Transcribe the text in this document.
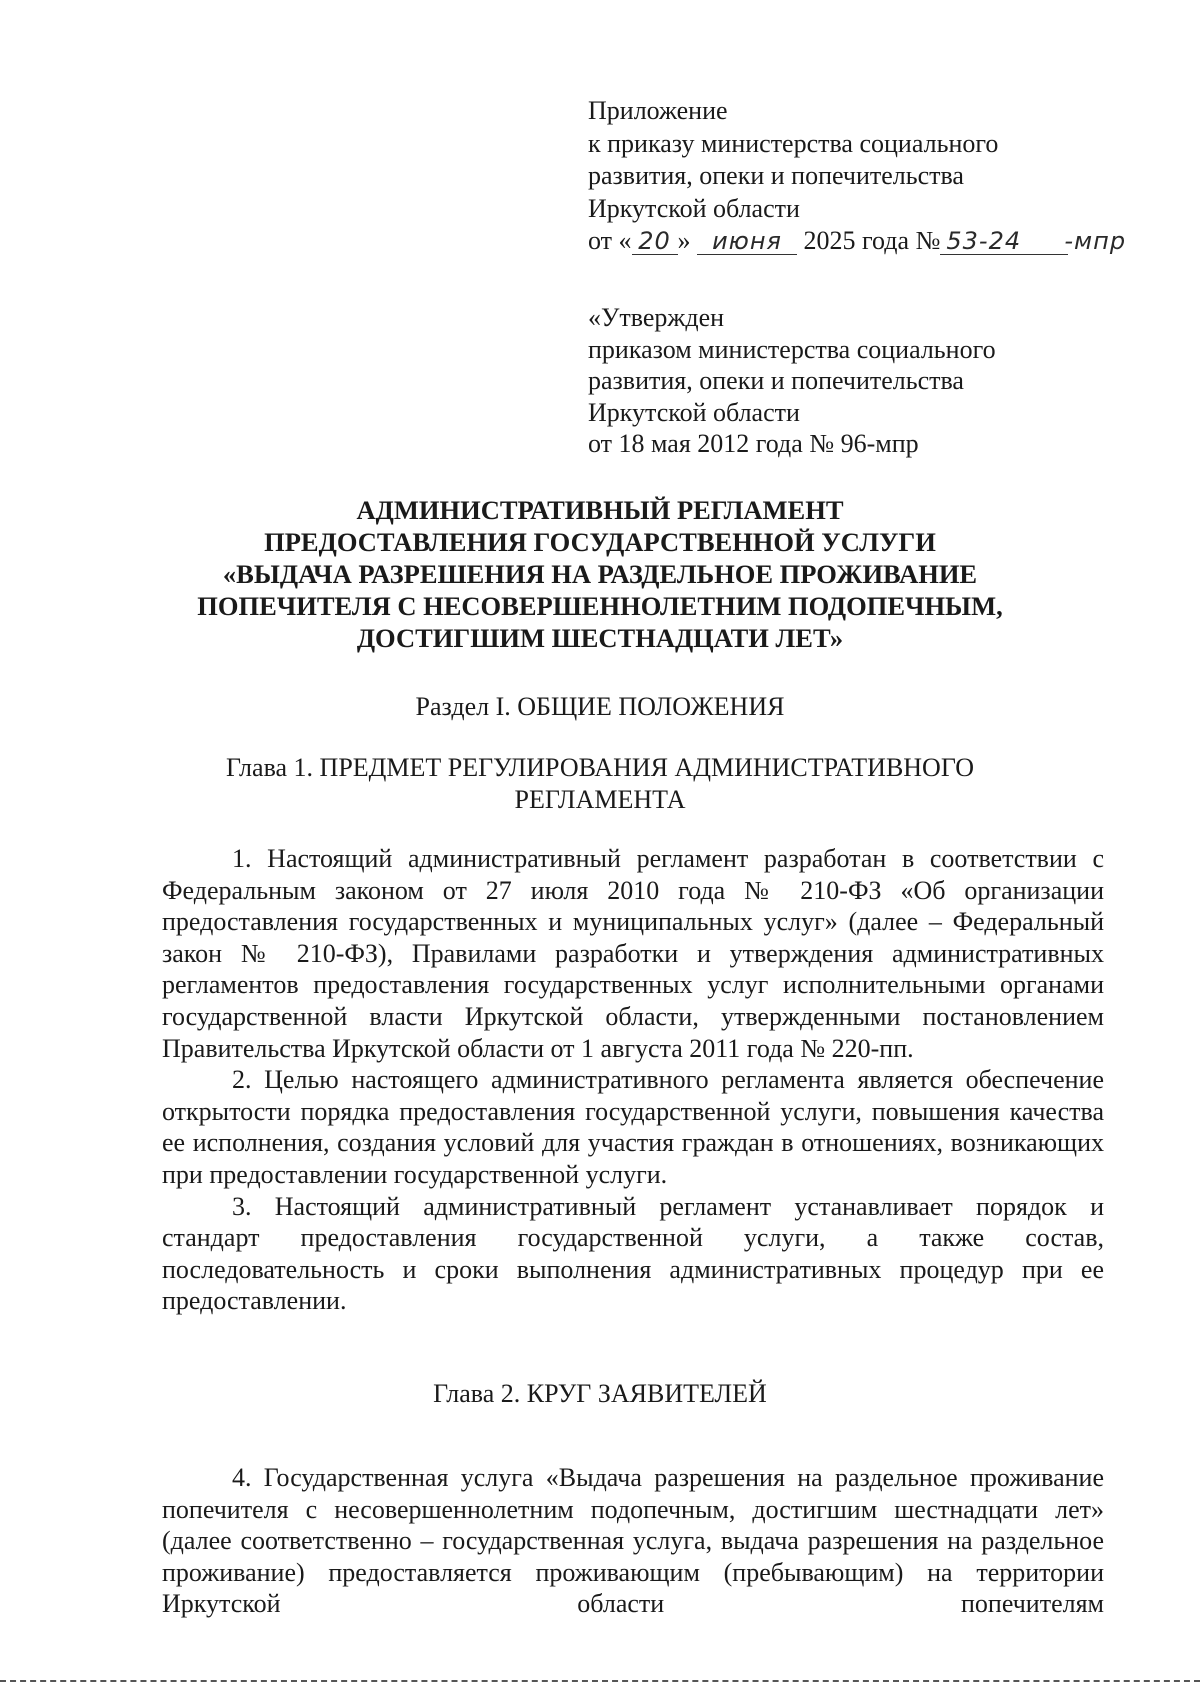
Приложение
к приказу министерства социального
развития, опеки и попечительства
Иркутской области
от « 20 » июня 2025 года № 53-24 -мпр
«Утвержден
приказом министерства социального
развития, опеки и попечительства
Иркутской области
от 18 мая 2012 года № 96-мпр
АДМИНИСТРАТИВНЫЙ РЕГЛАМЕНТ
ПРЕДОСТАВЛЕНИЯ ГОСУДАРСТВЕННОЙ УСЛУГИ
«ВЫДАЧА РАЗРЕШЕНИЯ НА РАЗДЕЛЬНОЕ ПРОЖИВАНИЕ
ПОПЕЧИТЕЛЯ С НЕСОВЕРШЕННОЛЕТНИМ ПОДОПЕЧНЫМ,
ДОСТИГШИМ ШЕСТНАДЦАТИ ЛЕТ»
Раздел I. ОБЩИЕ ПОЛОЖЕНИЯ
Глава 1. ПРЕДМЕТ РЕГУЛИРОВАНИЯ АДМИНИСТРАТИВНОГО
РЕГЛАМЕНТА

1. Настоящий административный регламент разработан в соответствии с Федеральным законом от 27 июля 2010 года № 210-ФЗ «Об организации предоставления государственных и муниципальных услуг» (далее – Федеральный закон № 210-ФЗ), Правилами разработки и утверждения административных регламентов предоставления государственных услуг исполнительными органами государственной власти Иркутской области, утвержденными постановлением Правительства Иркутской области от 1 августа 2011 года № 220-пп.

2. Целью настоящего административного регламента является обеспечение открытости порядка предоставления государственной услуги, повышения качества ее исполнения, создания условий для участия граждан в отношениях, возникающих при предоставлении государственной услуги.

3. Настоящий административный регламент устанавливает порядок и стандарт предоставления государственной услуги, а также состав, последовательность и сроки выполнения административных процедур при ее предоставлении.

Глава 2. КРУГ ЗАЯВИТЕЛЕЙ

4. Государственная услуга «Выдача разрешения на раздельное проживание попечителя с несовершеннолетним подопечным, достигшим шестнадцати лет» (далее соответственно – государственная услуга, выдача разрешения на раздельное проживание) предоставляется проживающим (пребывающим) на территории Иркутской области попечителям
